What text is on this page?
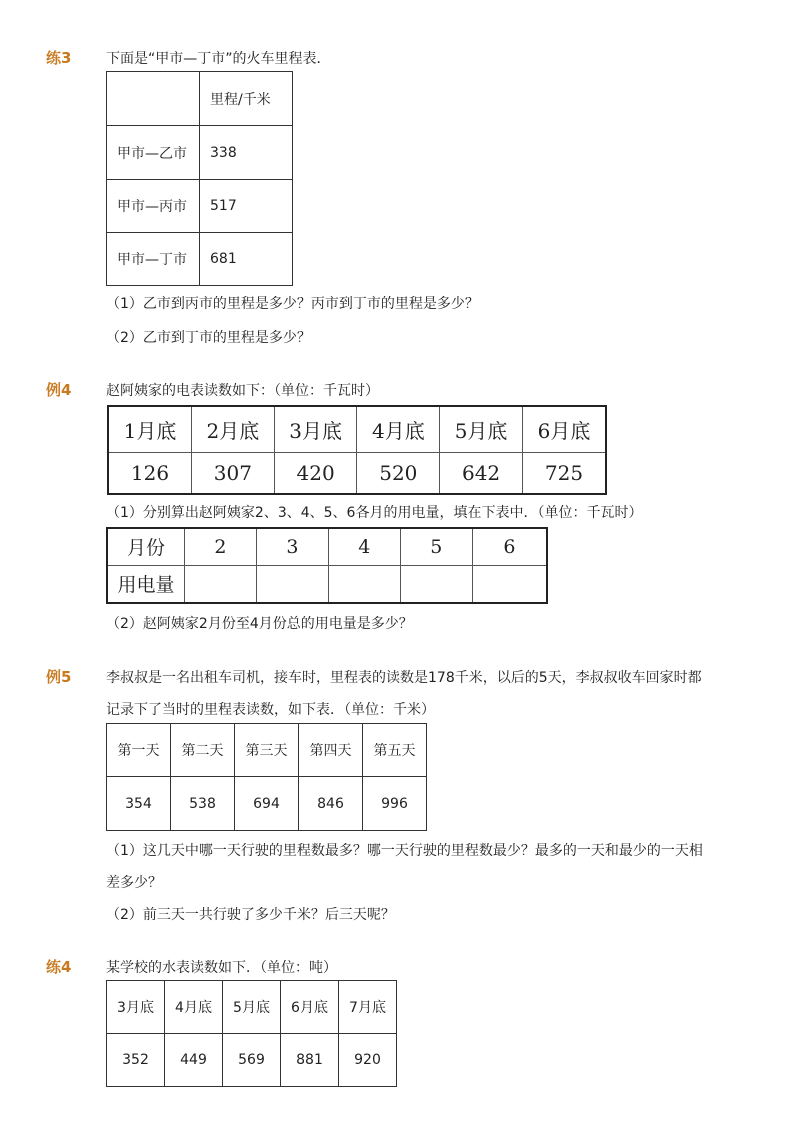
练3 下面是“甲市—丁市”的火车里程表．
	里程/千米
甲市—乙市	338
甲市—丙市	517
甲市—丁市	681
（1）乙市到丙市的里程是多少？丙市到丁市的里程是多少？
（2）乙市到丁市的里程是多少？
例4 赵阿姨家的电表读数如下：（单位：千瓦时）
1月底	2月底	3月底	4月底	5月底	6月底
126	307	420	520	642	725
（1）分别算出赵阿姨家2、3、4、5、6各月的用电量，填在下表中．（单位：千瓦时）
月份	2	3	4	5	6
用电量					
（2）赵阿姨家2月份至4月份总的用电量是多少？
例5 李叔叔是一名出租车司机，接车时，里程表的读数是178千米，以后的5天，李叔叔收车回家时都
记录下了当时的里程表读数，如下表．（单位：千米）
第一天	第二天	第三天	第四天	第五天
354	538	694	846	996
（1）这几天中哪一天行驶的里程数最多？哪一天行驶的里程数最少？最多的一天和最少的一天相
差多少？
（2）前三天一共行驶了多少千米？后三天呢？
练4 某学校的水表读数如下．（单位：吨）
3月底	4月底	5月底	6月底	7月底
352	449	569	881	920
